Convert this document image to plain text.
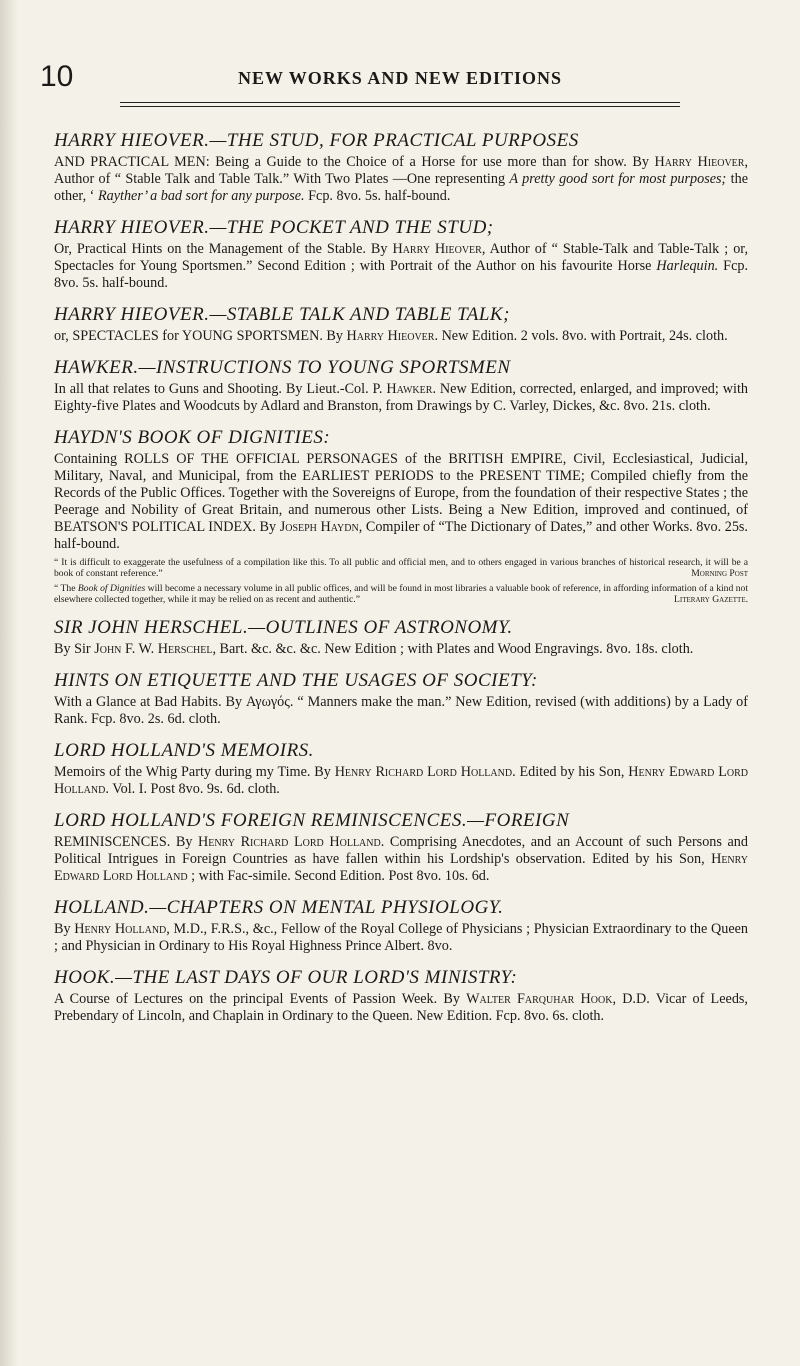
10	NEW WORKS AND NEW EDITIONS
HARRY HIEOVER.—THE STUD, FOR PRACTICAL PURPOSES

AND PRACTICAL MEN: Being a Guide to the Choice of a Horse for use more than for show. By Harry Hieover, Author of “ Stable Talk and Table Talk.” With Two Plates —One representing A pretty good sort for most purposes; the other, ‘ Rayther’ a bad sort for any purpose. Fcp. 8vo. 5s. half-bound.

HARRY HIEOVER.—THE POCKET AND THE STUD;

Or, Practical Hints on the Management of the Stable. By Harry Hieover, Author of “ Stable-Talk and Table-Talk ; or, Spectacles for Young Sportsmen.” Second Edition ; with Portrait of the Author on his favourite Horse Harlequin. Fcp. 8vo. 5s. half-bound.

HARRY HIEOVER.—STABLE TALK AND TABLE TALK;

or, SPECTACLES for YOUNG SPORTSMEN. By Harry Hieover. New Edition. 2 vols. 8vo. with Portrait, 24s. cloth.

HAWKER.—INSTRUCTIONS TO YOUNG SPORTSMEN

In all that relates to Guns and Shooting. By Lieut.-Col. P. Hawker. New Edition, corrected, enlarged, and improved; with Eighty-five Plates and Woodcuts by Adlard and Branston, from Drawings by C. Varley, Dickes, &c. 8vo. 21s. cloth.

HAYDN'S BOOK OF DIGNITIES:

Containing ROLLS OF THE OFFICIAL PERSONAGES of the BRITISH EMPIRE, Civil, Ecclesiastical, Judicial, Military, Naval, and Municipal, from the EARLIEST PERIODS to the PRESENT TIME; Compiled chiefly from the Records of the Public Offices. Together with the Sovereigns of Europe, from the foundation of their respective States ; the Peerage and Nobility of Great Britain, and numerous other Lists. Being a New Edition, improved and continued, of BEATSON'S POLITICAL INDEX. By Joseph Haydn, Compiler of “The Dictionary of Dates,” and other Works. 8vo. 25s. half-bound.

“ It is difficult to exaggerate the usefulness of a compilation like this. To all public and official men, and to others engaged in various branches of historical research, it will be a book of constant reference.”	Morning Post

“ The Book of Dignities will become a necessary volume in all public offices, and will be found in most libraries a valuable book of reference, in affording information of a kind not elsewhere collected together, while it may be relied on as recent and authentic.”	Literary Gazette.

SIR JOHN HERSCHEL.—OUTLINES OF ASTRONOMY.

By Sir John F. W. Herschel, Bart. &c. &c. &c. New Edition ; with Plates and Wood Engravings. 8vo. 18s. cloth.

HINTS ON ETIQUETTE AND THE USAGES OF SOCIETY:

With a Glance at Bad Habits. By Αγωγός. “ Manners make the man.” New Edition, revised (with additions) by a Lady of Rank. Fcp. 8vo. 2s. 6d. cloth.

LORD HOLLAND'S MEMOIRS.

Memoirs of the Whig Party during my Time. By Henry Richard Lord Holland. Edited by his Son, Henry Edward Lord Holland. Vol. I. Post 8vo. 9s. 6d. cloth.

LORD HOLLAND'S FOREIGN REMINISCENCES.—FOREIGN

REMINISCENCES. By Henry Richard Lord Holland. Comprising Anecdotes, and an Account of such Persons and Political Intrigues in Foreign Countries as have fallen within his Lordship's observation. Edited by his Son, Henry Edward Lord Holland ; with Fac-simile. Second Edition. Post 8vo. 10s. 6d.

HOLLAND.—CHAPTERS ON MENTAL PHYSIOLOGY.

By Henry Holland, M.D., F.R.S., &c., Fellow of the Royal College of Physicians ; Physician Extraordinary to the Queen ; and Physician in Ordinary to His Royal Highness Prince Albert. 8vo.

HOOK.—THE LAST DAYS OF OUR LORD'S MINISTRY:

A Course of Lectures on the principal Events of Passion Week. By Walter Farquhar Hook, D.D. Vicar of Leeds, Prebendary of Lincoln, and Chaplain in Ordinary to the Queen. New Edition. Fcp. 8vo. 6s. cloth.
